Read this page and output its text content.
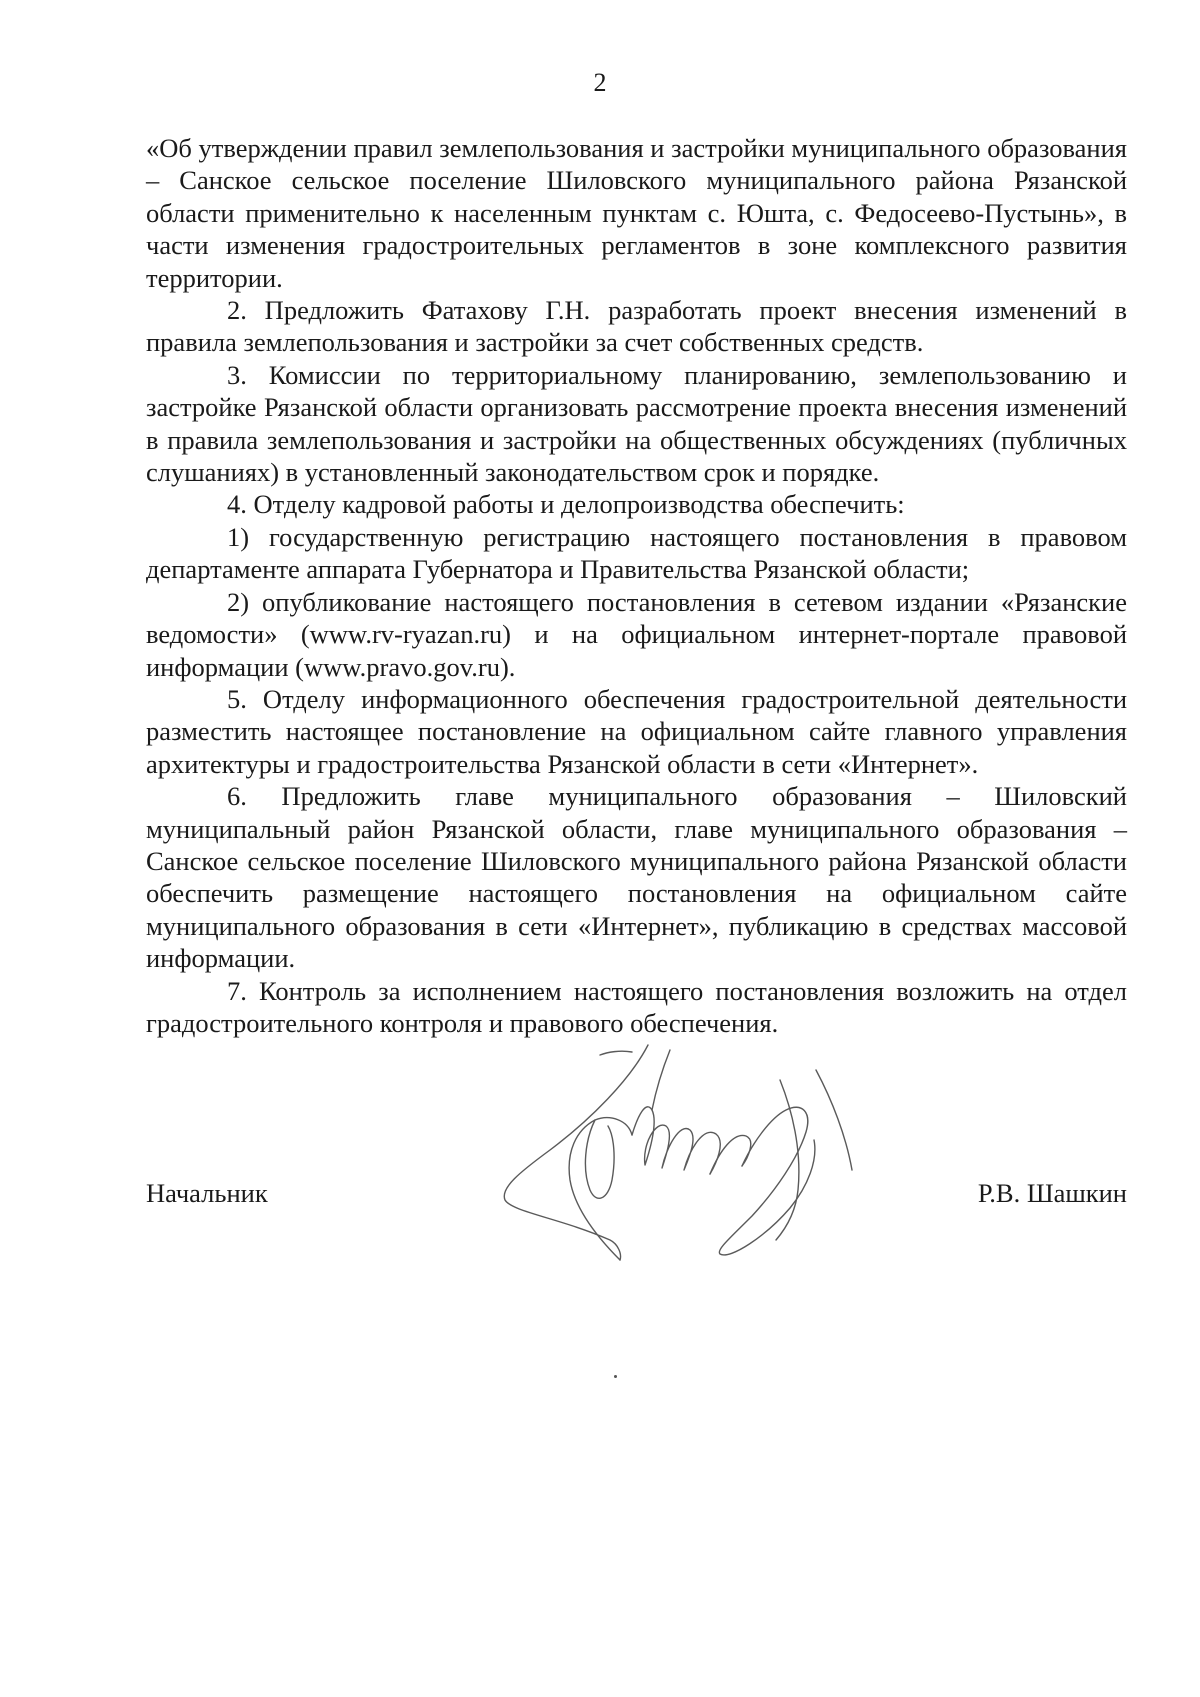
2

«Об утверждении правил землепользования и застройки муниципального образования – Санское сельское поселение Шиловского муниципального района Рязанской области применительно к населенным пунктам с. Юшта, с. Федосеево-Пустынь», в части изменения градостроительных регламентов в зоне комплексного развития территории.

2. Предложить Фатахову Г.Н. разработать проект внесения изменений в правила землепользования и застройки за счет собственных средств.

3. Комиссии по территориальному планированию, землепользованию и застройке Рязанской области организовать рассмотрение проекта внесения изменений в правила землепользования и застройки на общественных обсуждениях (публичных слушаниях) в установленный законодательством срок и порядке.

4. Отделу кадровой работы и делопроизводства обеспечить:

1) государственную регистрацию настоящего постановления в правовом департаменте аппарата Губернатора и Правительства Рязанской области;

2) опубликование настоящего постановления в сетевом издании «Рязанские ведомости» (www.rv-ryazan.ru) и на официальном интернет-портале правовой информации (www.pravo.gov.ru).

5. Отделу информационного обеспечения градостроительной деятельности разместить настоящее постановление на официальном сайте главного управления архитектуры и градостроительства Рязанской области в сети «Интернет».

6. Предложить главе муниципального образования – Шиловский муниципальный район Рязанской области, главе муниципального образования – Санское сельское поселение Шиловского муниципального района Рязанской области обеспечить размещение настоящего постановления на официальном сайте муниципального образования в сети «Интернет», публикацию в средствах массовой информации.

7. Контроль за исполнением настоящего постановления возложить на отдел градостроительного контроля и правового обеспечения.

Начальник	Р.В. Шашкин
